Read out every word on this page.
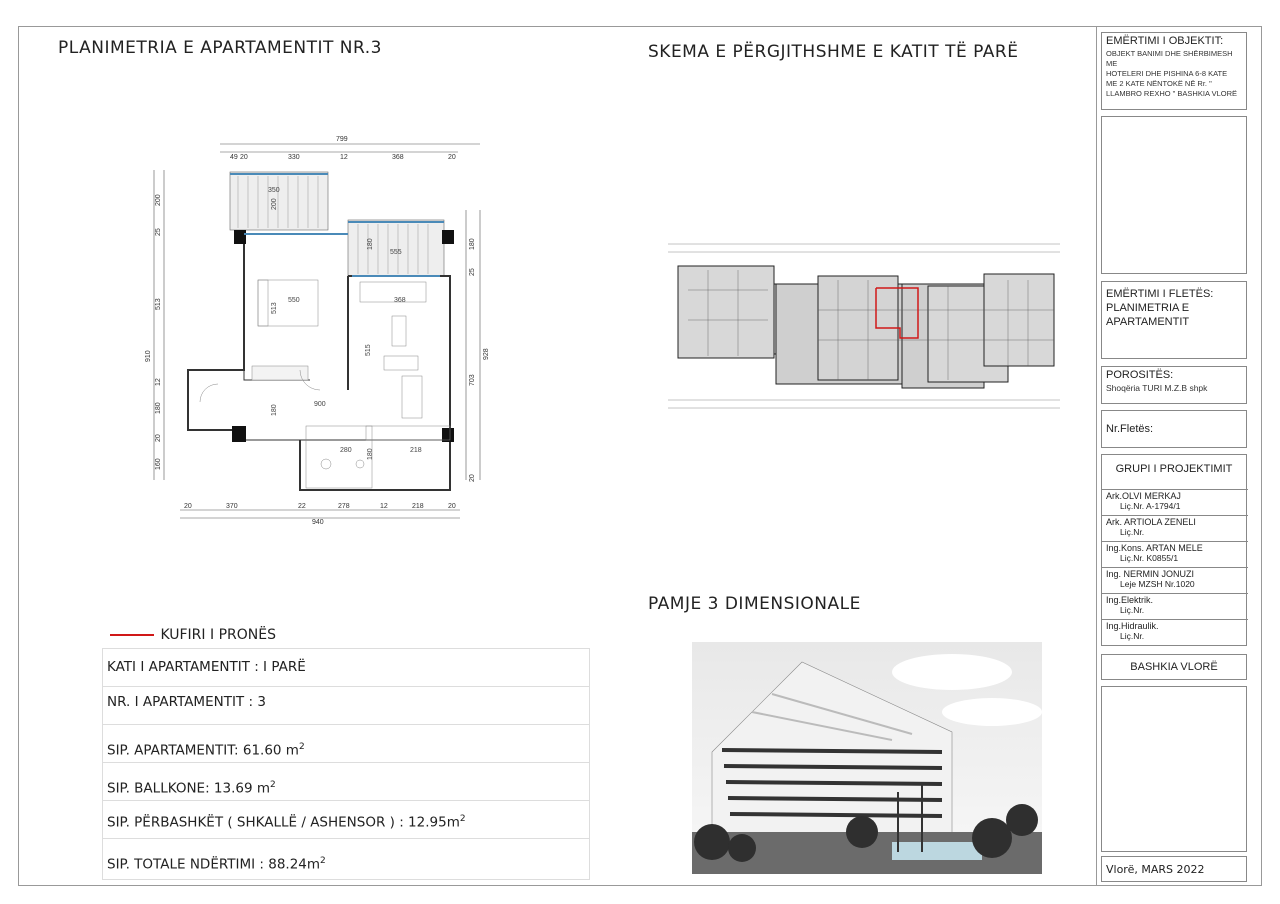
PLANIMETRIA E APARTAMENTIT NR.3	SKEMA E PËRGJITHSHME E KATIT TË PARË
PAMJE 3 DIMENSIONALE
799
49 20	330	12	368	20
20	370	22	278	12	218	20
940
910
200
25
513
12
180
20
160
180
25
703
20
928
350
200
180
555
550
513
368
515
900
180
280 180	218
KUFIRI I PRONËS
KATI I APARTAMENTIT : I PARË
NR. I APARTAMENTIT : 3
SIP. APARTAMENTIT: 61.60 $m^2$
SIP. BALLKONE: 13.69 $m^2$
SIP. PËRBASHKËT ( SHKALLË / ASHENSOR ) : $12.95m^2$
SIP. TOTALE NDËRTIMI : $88.24m^2$
EMËRTIMI I OBJEKTIT:
OBJEKT BANIMI DHE SHËRBIMESH ME
HOTELERI DHE PISHINA 6-8 KATE
ME 2 KATE NËNTOKË NË Rr. "
LLAMBRO REXHO " BASHKIA VLORË
EMËRTIMI I FLETËS:
PLANIMETRIA E
APARTAMENTIT
POROSITËS:
Shoqëria TURI M.Z.B shpk
Nr.Fletës:
GRUPI I PROJEKTIMIT
Ark.OLVI MERKAJ
Liç.Nr. A-1794/1
Ark. ARTIOLA ZENELI
Liç.Nr.
Ing.Kons. ARTAN MELE
Liç.Nr. K0855/1
Ing. NERMIN JONUZI
Leje MZSH Nr.1020
Ing.Elektrik.
Liç.Nr.
Ing.Hidraulik.
Liç.Nr.
BASHKIA VLORË
Vlorë, MARS 2022
